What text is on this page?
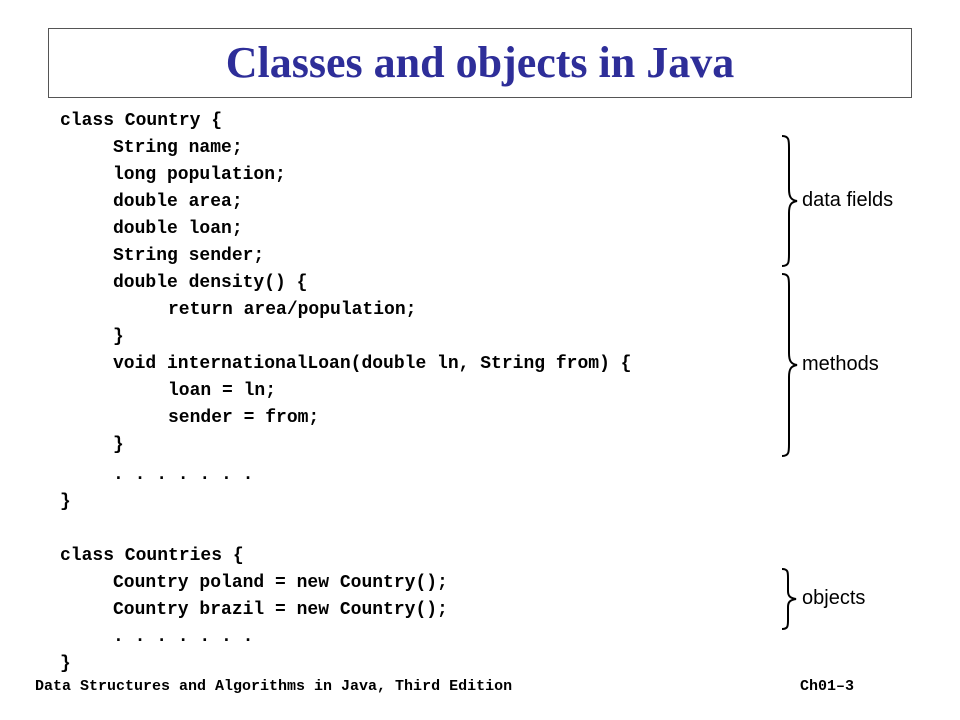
Classes and objects in Java
class Country {
String name;
long population;
double area;
double loan;
String sender;
double density() {
return area/population;
}
void internationalLoan(double ln, String from) {
loan = ln;
sender = from;
}
. . . . . . .
}
class Countries {
Country poland = new Country();
Country brazil = new Country();
. . . . . . .
}
data fields
methods
objects
Data Structures and Algorithms in Java, Third Edition	Ch01–3
